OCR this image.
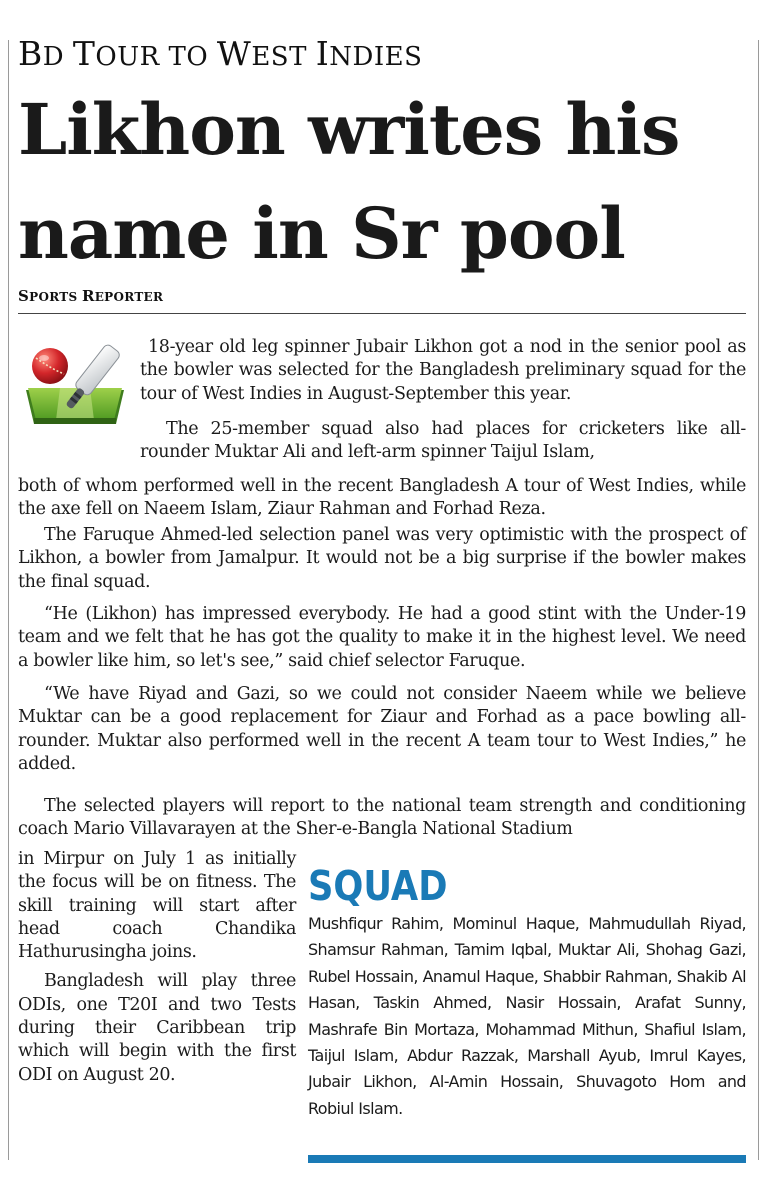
BD TOUR TO WEST INDIES
Likhon writes his
name in Sr pool
SPORTS REPORTER

18-year old leg spinner Jubair Likhon got a nod in the senior pool as the bowler was selected for the Bangladesh preliminary squad for the tour of West Indies in August-September this year.

The 25-member squad also had places for cricketers like all-rounder Muktar Ali and left-arm spinner Taijul Islam,

both of whom performed well in the recent Bangladesh A tour of West Indies, while the axe fell on Naeem Islam, Ziaur Rahman and Forhad Reza.

The Faruque Ahmed-led selection panel was very optimistic with the prospect of Likhon, a bowler from Jamalpur. It would not be a big surprise if the bowler makes the final squad.

“He (Likhon) has impressed everybody. He had a good stint with the Under-19 team and we felt that he has got the quality to make it in the highest level. We need a bowler like him, so let's see,” said chief selector Faruque.

“We have Riyad and Gazi, so we could not consider Naeem while we believe Muktar can be a good replacement for Ziaur and Forhad as a pace bowling all-rounder. Muktar also performed well in the recent A team tour to West Indies,” he added.

The selected players will report to the national team strength and conditioning coach Mario Villavarayen at the Sher-e-Bangla National Stadium

in Mirpur on July 1 as initially the focus will be on fitness. The skill training will start after head coach Chandika Hathurusingha joins.

Bangladesh will play three ODIs, one T20I and two Tests during their Caribbean trip which will begin with the first ODI on August 20.

SQUAD
Mushfiqur Rahim, Mominul Haque, Mahmudullah Riyad, Shamsur Rahman, Tamim Iqbal, Muktar Ali, Shohag Gazi, Rubel Hossain, Anamul Haque, Shabbir Rahman, Shakib Al Hasan, Taskin Ahmed, Nasir Hossain, Arafat Sunny, Mashrafe Bin Mortaza, Mohammad Mithun, Shafiul Islam, Taijul Islam, Abdur Razzak, Marshall Ayub, Imrul Kayes, Jubair Likhon, Al-Amin Hossain, Shuvagoto Hom and Robiul Islam.
